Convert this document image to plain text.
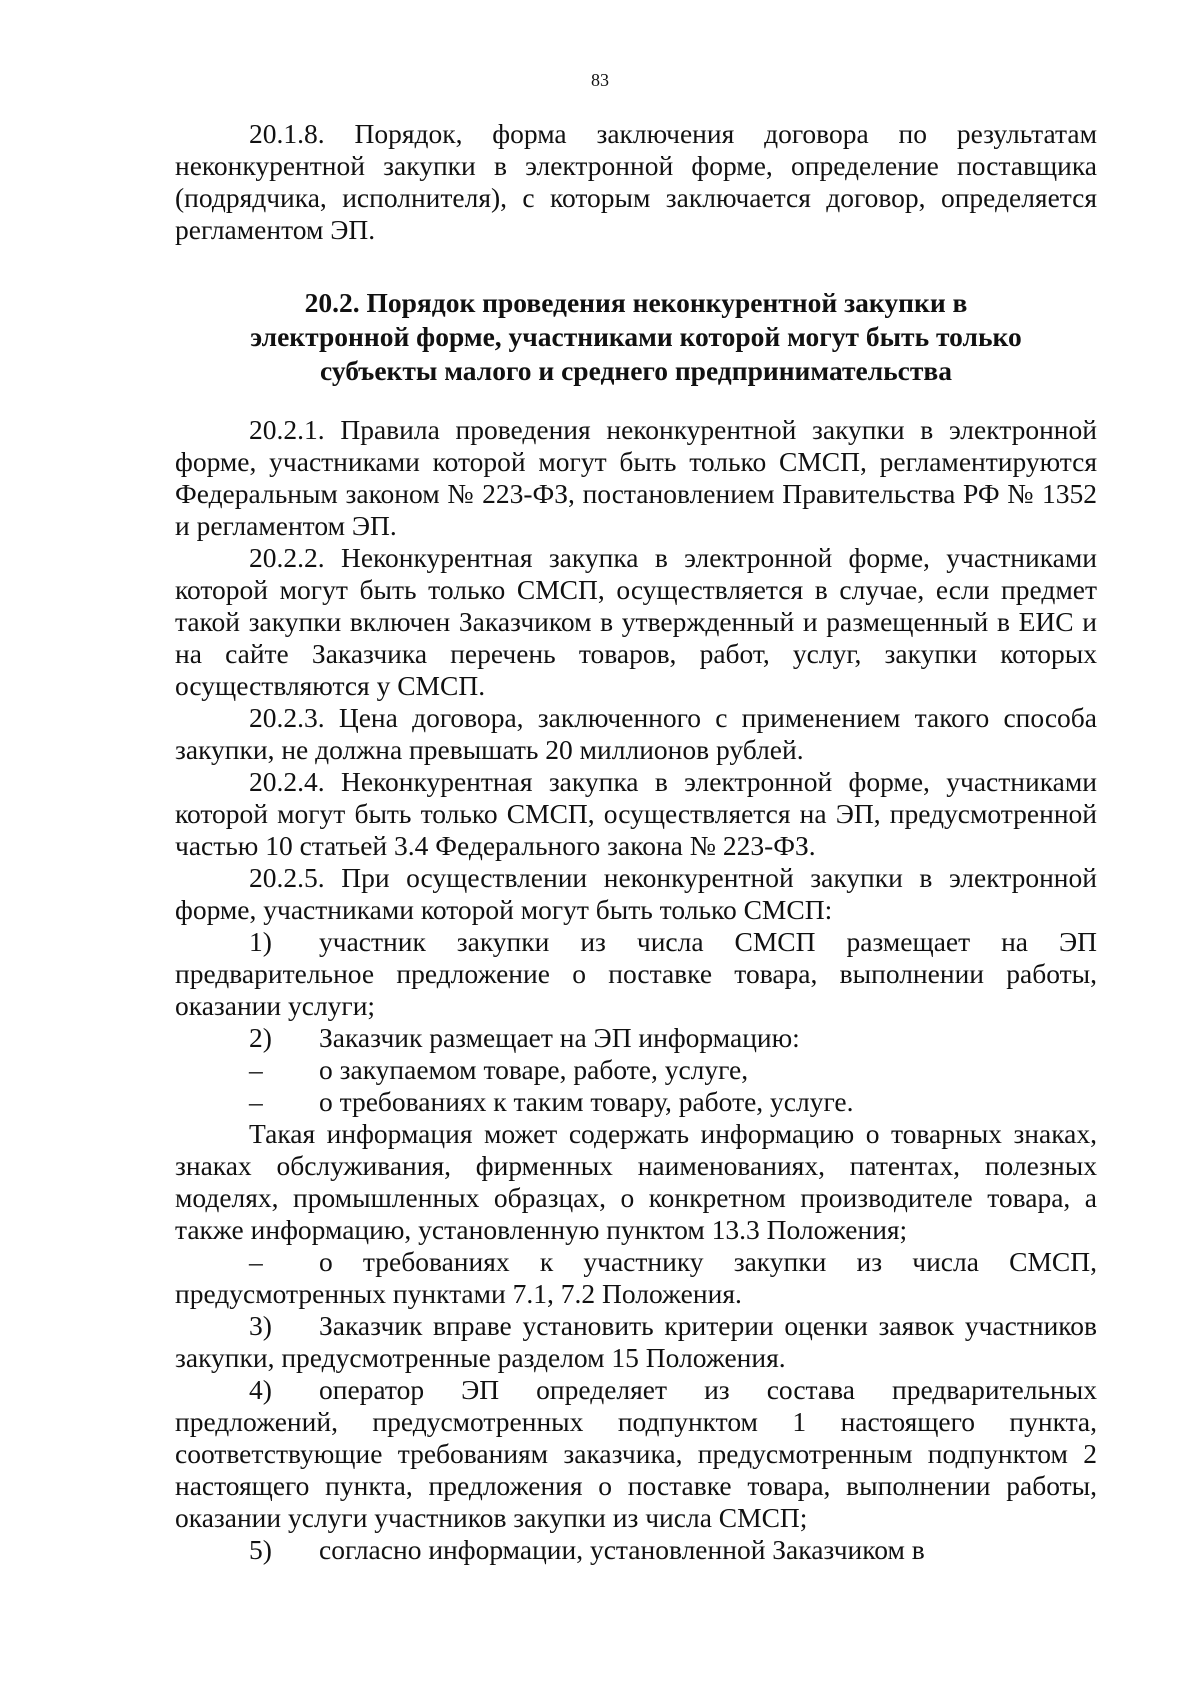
83

20.1.8. Порядок, форма заключения договора по результатам неконкурентной закупки в электронной форме, определение поставщика (подрядчика, исполнителя), с которым заключается договор, определяется регламентом ЭП.

20.2. Порядок проведения неконкурентной закупки в
электронной форме, участниками которой могут быть только
субъекты малого и среднего предпринимательства

20.2.1. Правила проведения неконкурентной закупки в электронной форме, участниками которой могут быть только СМСП, регламентируются Федеральным законом № 223-ФЗ, постановлением Правительства РФ № 1352 и регламентом ЭП.

20.2.2. Неконкурентная закупка в электронной форме, участниками которой могут быть только СМСП, осуществляется в случае, если предмет такой закупки включен Заказчиком в утвержденный и размещенный в ЕИС и на сайте Заказчика перечень товаров, работ, услуг, закупки которых осуществляются у СМСП.

20.2.3. Цена договора, заключенного с применением такого способа закупки, не должна превышать 20 миллионов рублей.

20.2.4. Неконкурентная закупка в электронной форме, участниками которой могут быть только СМСП, осуществляется на ЭП, предусмотренной частью 10 статьей 3.4 Федерального закона № 223-ФЗ.

20.2.5. При осуществлении неконкурентной закупки в электронной форме, участниками которой могут быть только СМСП:

1) участник закупки из числа СМСП размещает на ЭП предварительное предложение о поставке товара, выполнении работы, оказании услуги;

2) Заказчик размещает на ЭП информацию:

– о закупаемом товаре, работе, услуге,

– о требованиях к таким товару, работе, услуге.

Такая информация может содержать информацию о товарных знаках, знаках обслуживания, фирменных наименованиях, патентах, полезных моделях, промышленных образцах, о конкретном производителе товара, а также информацию, установленную пунктом 13.3 Положения;

– о требованиях к участнику закупки из числа СМСП, предусмотренных пунктами 7.1, 7.2 Положения.

3) Заказчик вправе установить критерии оценки заявок участников закупки, предусмотренные разделом 15 Положения.

4) оператор ЭП определяет из состава предварительных предложений, предусмотренных подпунктом 1 настоящего пункта, соответствующие требованиям заказчика, предусмотренным подпунктом 2 настоящего пункта, предложения о поставке товара, выполнении работы, оказании услуги участников закупки из числа СМСП;

5) согласно информации, установленной Заказчиком в
